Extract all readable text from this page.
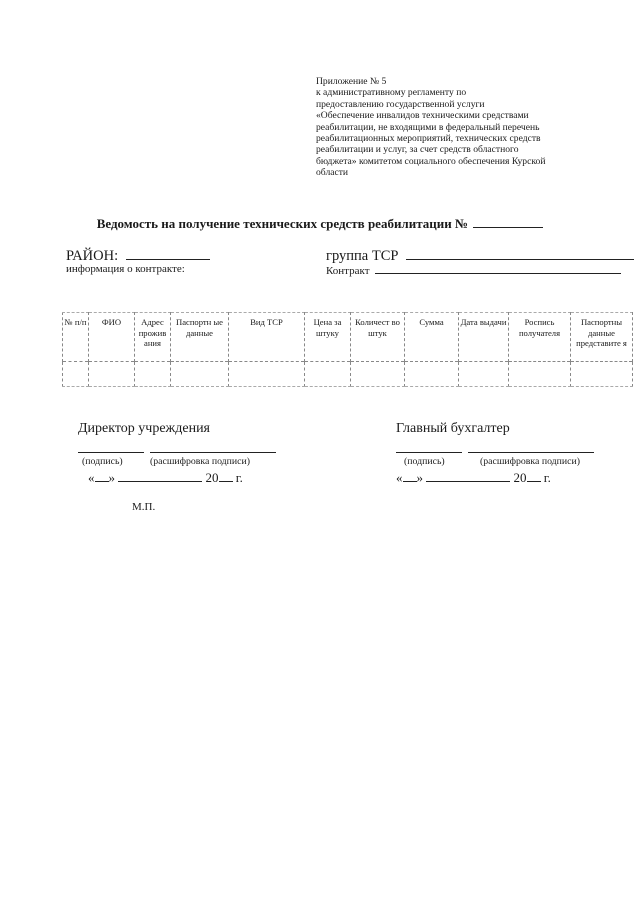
Приложение № 5
к административному регламенту по
предоставлению государственной услуги
«Обеспечение инвалидов техническими средствами
реабилитации, не входящими в федеральный перечень
реабилитационных мероприятий, технических средств
реабилитации и услуг, за счет средств областного
бюджета» комитетом социального обеспечения Курской
области
Ведомость на получение технических средств реабилитации №
РАЙОН:
информация о контракте:
группа ТСР
Контракт
№ п/п	ФИО	Адрес прожив ания	Паспортн ые данные	Вид ТСР	Цена за штуку	Количест во штук	Сумма	Дата выдачи	Роспись получателя	Паспортны данные представите я

Директор учреждения
(подпись)	(расшифровка подписи)
« »	20 г.
Главный бухгалтер
(подпись)	(расшифровка подписи)
« »	20 г.
М.П.
